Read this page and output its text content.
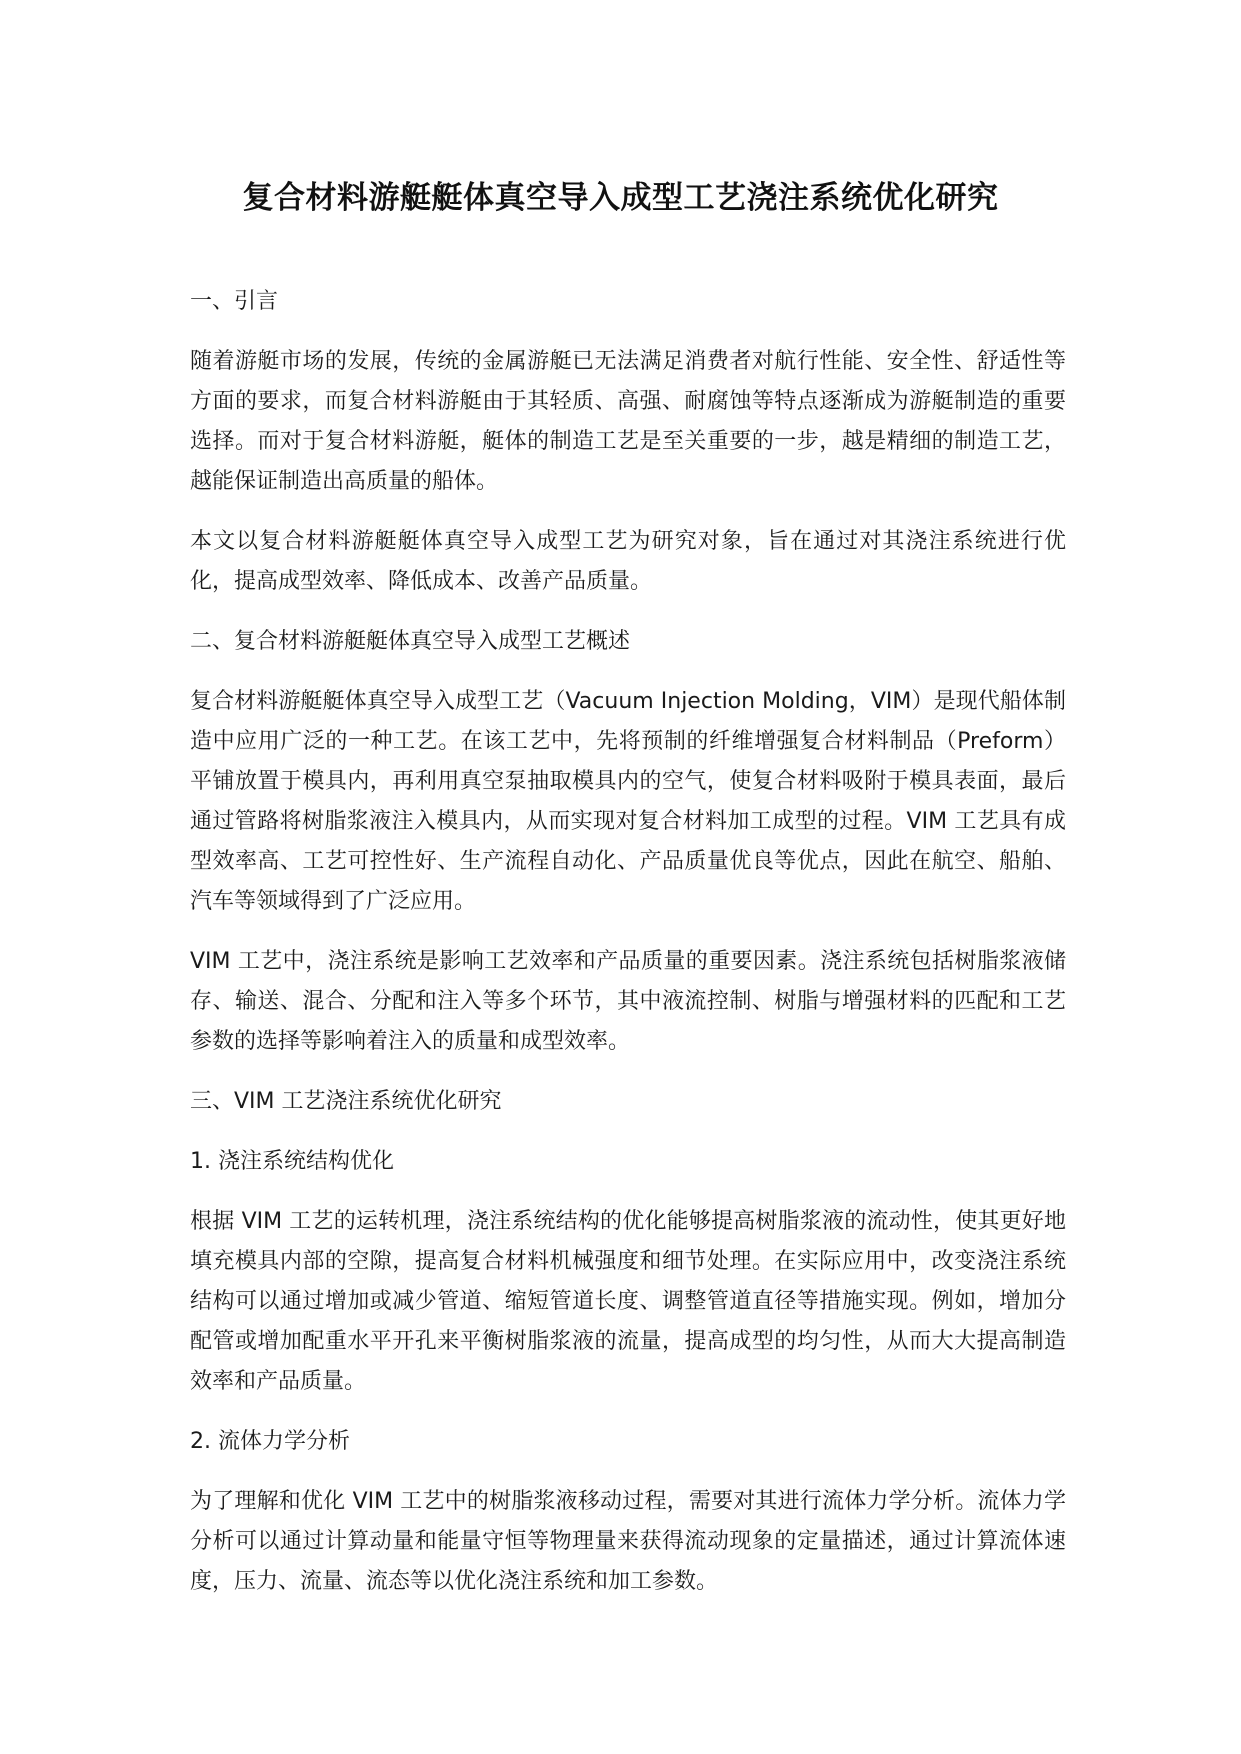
复合材料游艇艇体真空导入成型工艺浇注系统优化研究
一、引言

随着游艇市场的发展，传统的金属游艇已无法满足消费者对航行性能、安全性、舒适性等方面的要求，而复合材料游艇由于其轻质、高强、耐腐蚀等特点逐渐成为游艇制造的重要选择。而对于复合材料游艇，艇体的制造工艺是至关重要的一步，越是精细的制造工艺，越能保证制造出高质量的船体。

本文以复合材料游艇艇体真空导入成型工艺为研究对象，旨在通过对其浇注系统进行优化，提高成型效率、降低成本、改善产品质量。

二、复合材料游艇艇体真空导入成型工艺概述

复合材料游艇艇体真空导入成型工艺（Vacuum Injection Molding，VIM）是现代船体制造中应用广泛的一种工艺。在该工艺中，先将预制的纤维增强复合材料制品（Preform）平铺放置于模具内，再利用真空泵抽取模具内的空气，使复合材料吸附于模具表面，最后通过管路将树脂浆液注入模具内，从而实现对复合材料加工成型的过程。VIM 工艺具有成型效率高、工艺可控性好、生产流程自动化、产品质量优良等优点，因此在航空、船舶、汽车等领域得到了广泛应用。

VIM 工艺中，浇注系统是影响工艺效率和产品质量的重要因素。浇注系统包括树脂浆液储存、输送、混合、分配和注入等多个环节，其中液流控制、树脂与增强材料的匹配和工艺参数的选择等影响着注入的质量和成型效率。

三、VIM 工艺浇注系统优化研究
1. 浇注系统结构优化

根据 VIM 工艺的运转机理，浇注系统结构的优化能够提高树脂浆液的流动性，使其更好地填充模具内部的空隙，提高复合材料机械强度和细节处理。在实际应用中，改变浇注系统结构可以通过增加或减少管道、缩短管道长度、调整管道直径等措施实现。例如，增加分配管或增加配重水平开孔来平衡树脂浆液的流量，提高成型的均匀性，从而大大提高制造效率和产品质量。

2. 流体力学分析

为了理解和优化 VIM 工艺中的树脂浆液移动过程，需要对其进行流体力学分析。流体力学分析可以通过计算动量和能量守恒等物理量来获得流动现象的定量描述，通过计算流体速度，压力、流量、流态等以优化浇注系统和加工参数。
